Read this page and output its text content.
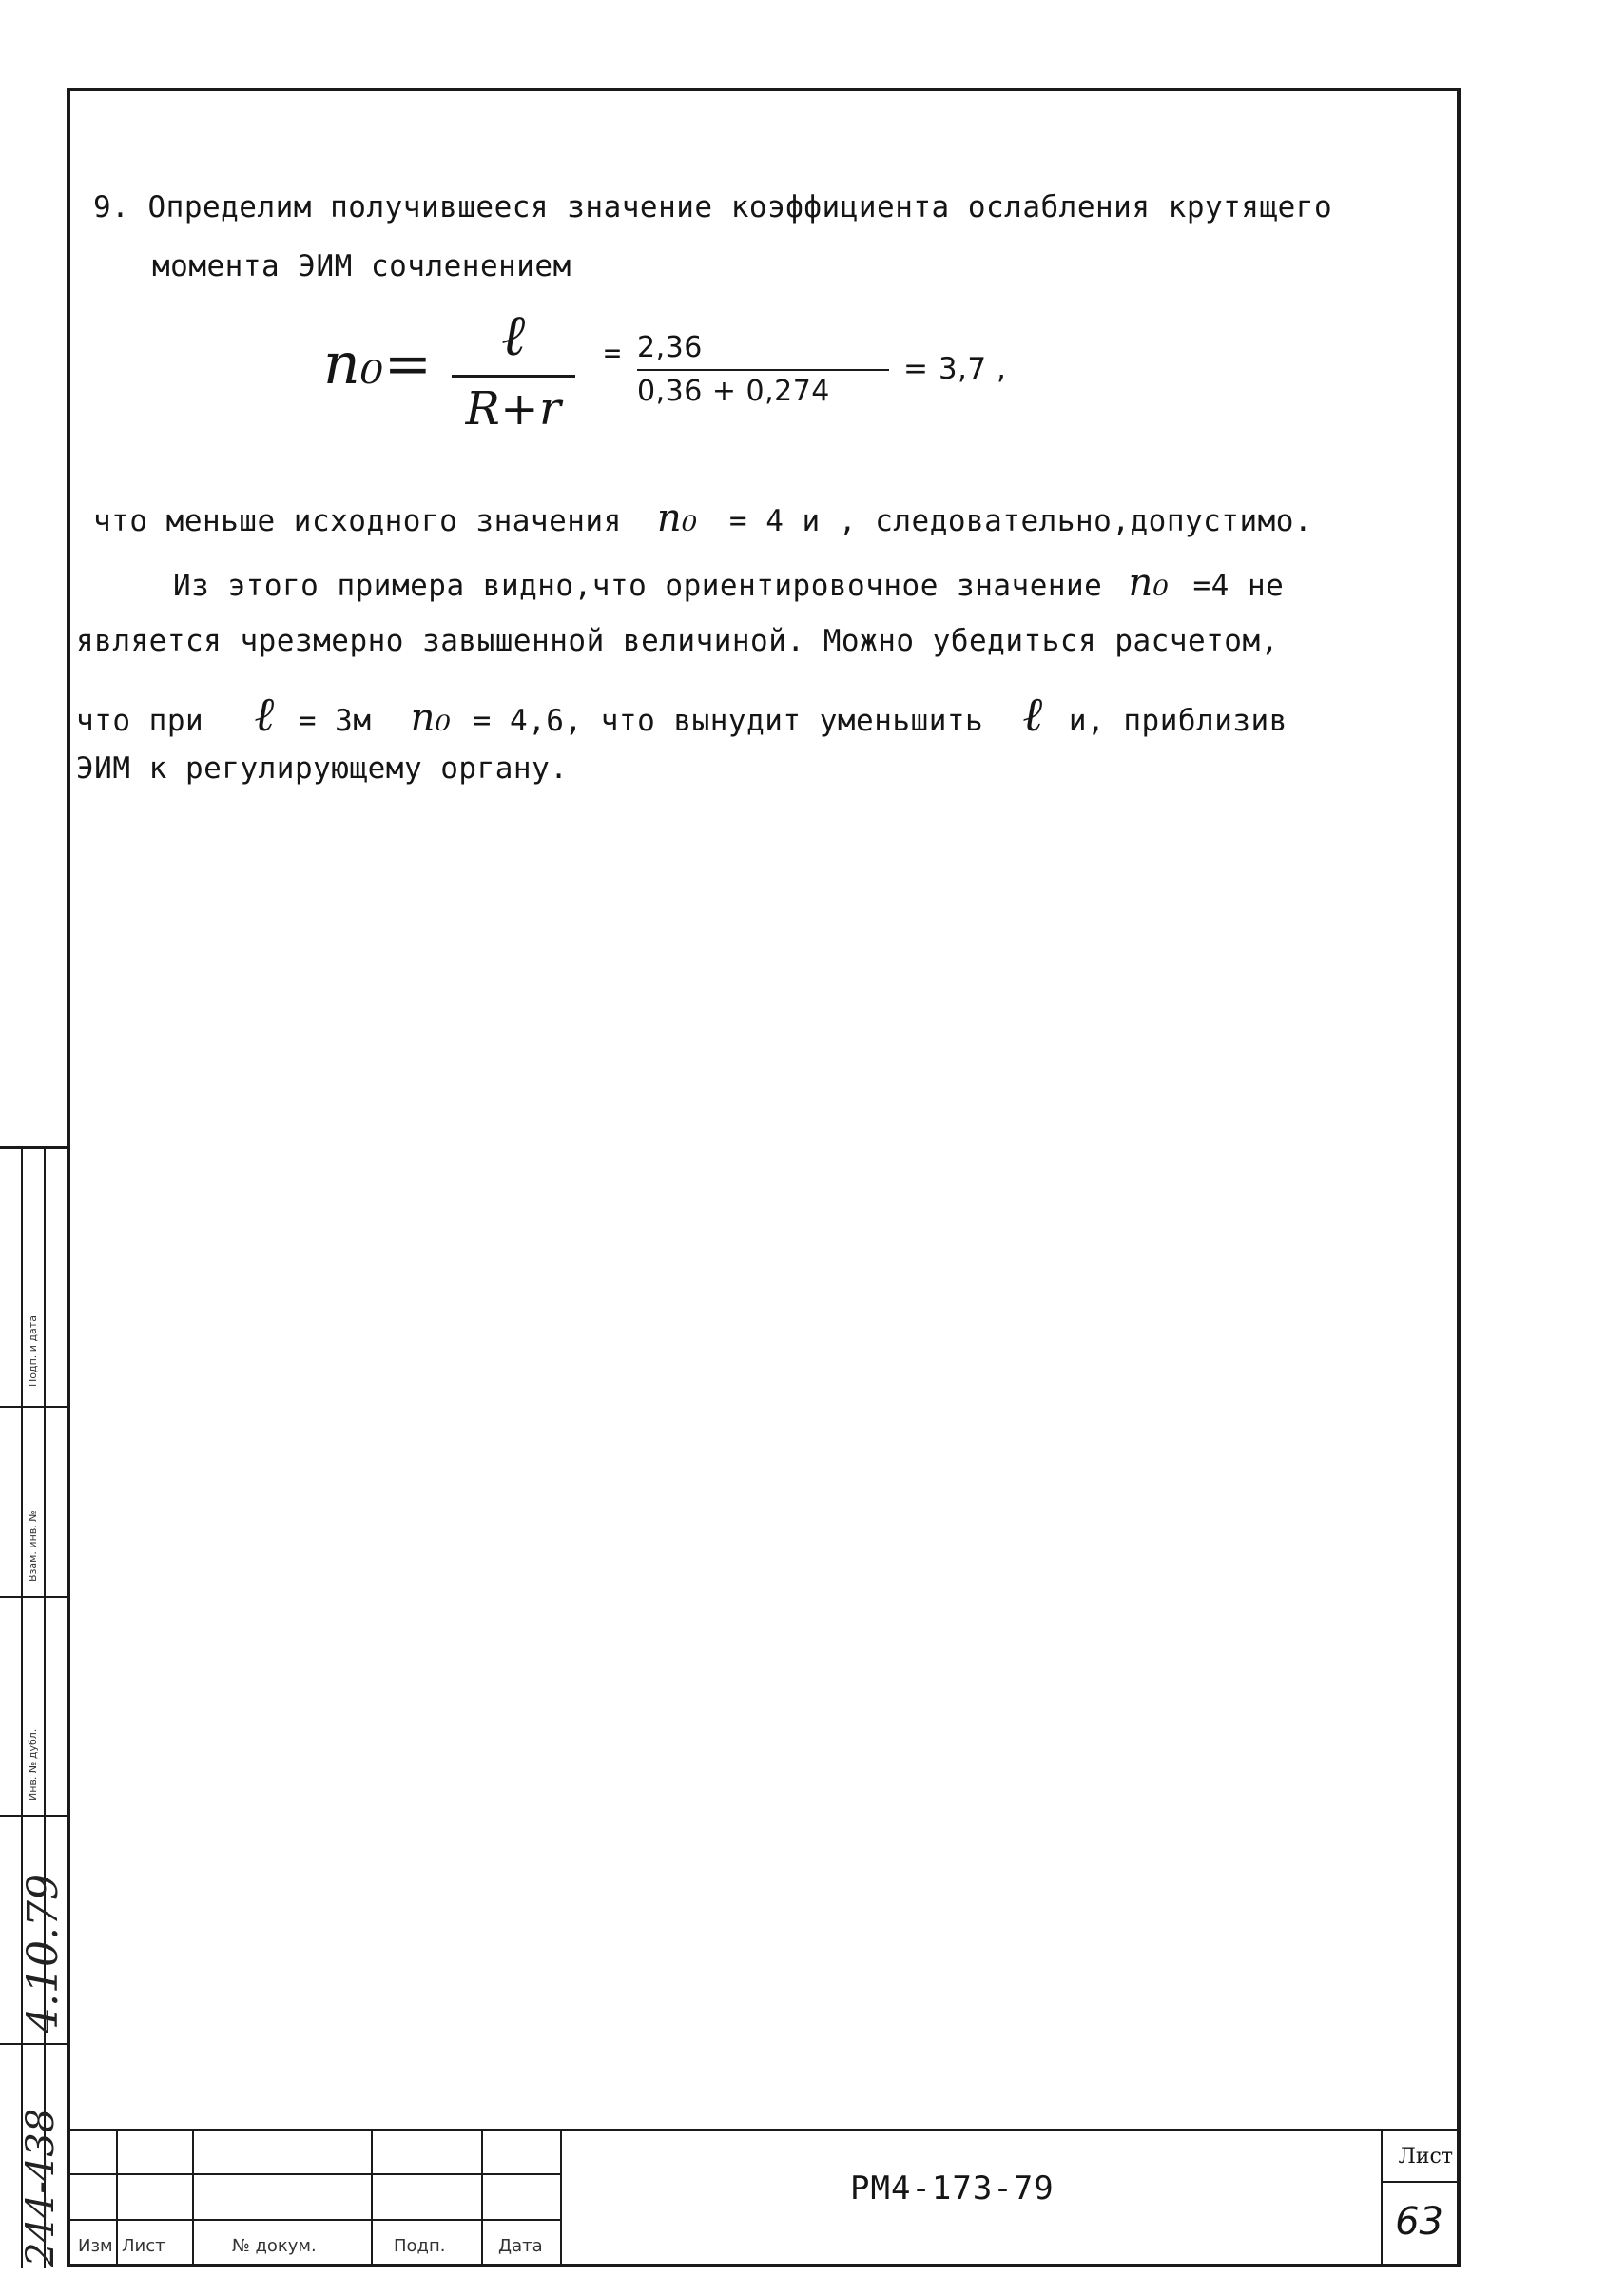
9. Определим получившееся значение коэффициента ослабления крутящего
момента ЭИМ сочленением
n₀=	ℓ
R+r
= 2,36
0,36 + 0,274
= 3,7 ,
что меньше исходного значения n₀ = 4 и , следовательно,допустимо.
Из этого примера видно,что ориентировочное значение n₀ =4 не
является чрезмерно завышенной величиной. Можно убедиться расчетом,
что при ℓ = 3м n₀ = 4,6, что вынудит уменьшить ℓ и, приблизив
ЭИМ к регулирующему органу.
Подп. и дата
Взам. инв. №
Инв. № дубл.
4.10.79
244-438 Изм Лист	№ докум.	Подп.	Дата
РМ4-173-79
Лист
63
